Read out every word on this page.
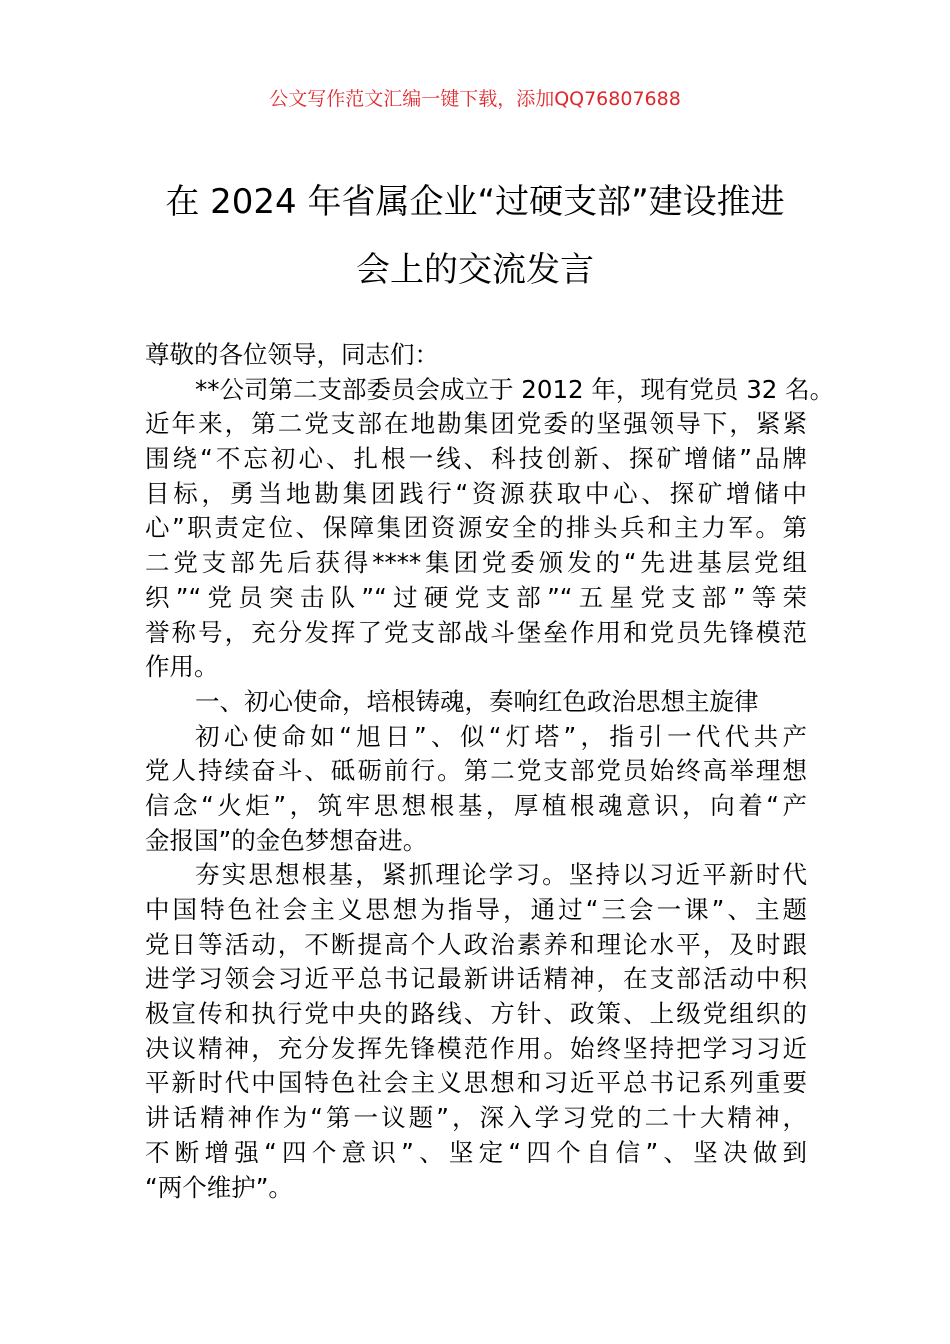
公文写作范文汇编一键下载，添加QQ76807688
在 2024 年省属企业“过硬支部”建设推进
会上的交流发言
尊敬的各位领导，同志们：
**公司第二支部委员会成立于 2012 年，现有党员 32 名。
近年来，第二党支部在地勘集团党委的坚强领导下，紧紧
围绕“不忘初心、扎根一线、科技创新、探矿增储”品牌
目标，勇当地勘集团践行“资源获取中心、探矿增储中
心”职责定位、保障集团资源安全的排头兵和主力军。第
二党支部先后获得****集团党委颁发的“先进基层党组
织”“党员突击队”“过硬党支部”“五星党支部”等荣
誉称号，充分发挥了党支部战斗堡垒作用和党员先锋模范
作用。
一、初心使命，培根铸魂，奏响红色政治思想主旋律
初心使命如“旭日”、似“灯塔”，指引一代代共产
党人持续奋斗、砥砺前行。第二党支部党员始终高举理想
信念“火炬”，筑牢思想根基，厚植根魂意识，向着“产
金报国”的金色梦想奋进。
夯实思想根基，紧抓理论学习。坚持以习近平新时代
中国特色社会主义思想为指导，通过“三会一课”、主题
党日等活动，不断提高个人政治素养和理论水平，及时跟
进学习领会习近平总书记最新讲话精神，在支部活动中积
极宣传和执行党中央的路线、方针、政策、上级党组织的
决议精神，充分发挥先锋模范作用。始终坚持把学习习近
平新时代中国特色社会主义思想和习近平总书记系列重要
讲话精神作为“第一议题”，深入学习党的二十大精神，
不断增强“四个意识”、坚定“四个自信”、坚决做到
“两个维护”。
